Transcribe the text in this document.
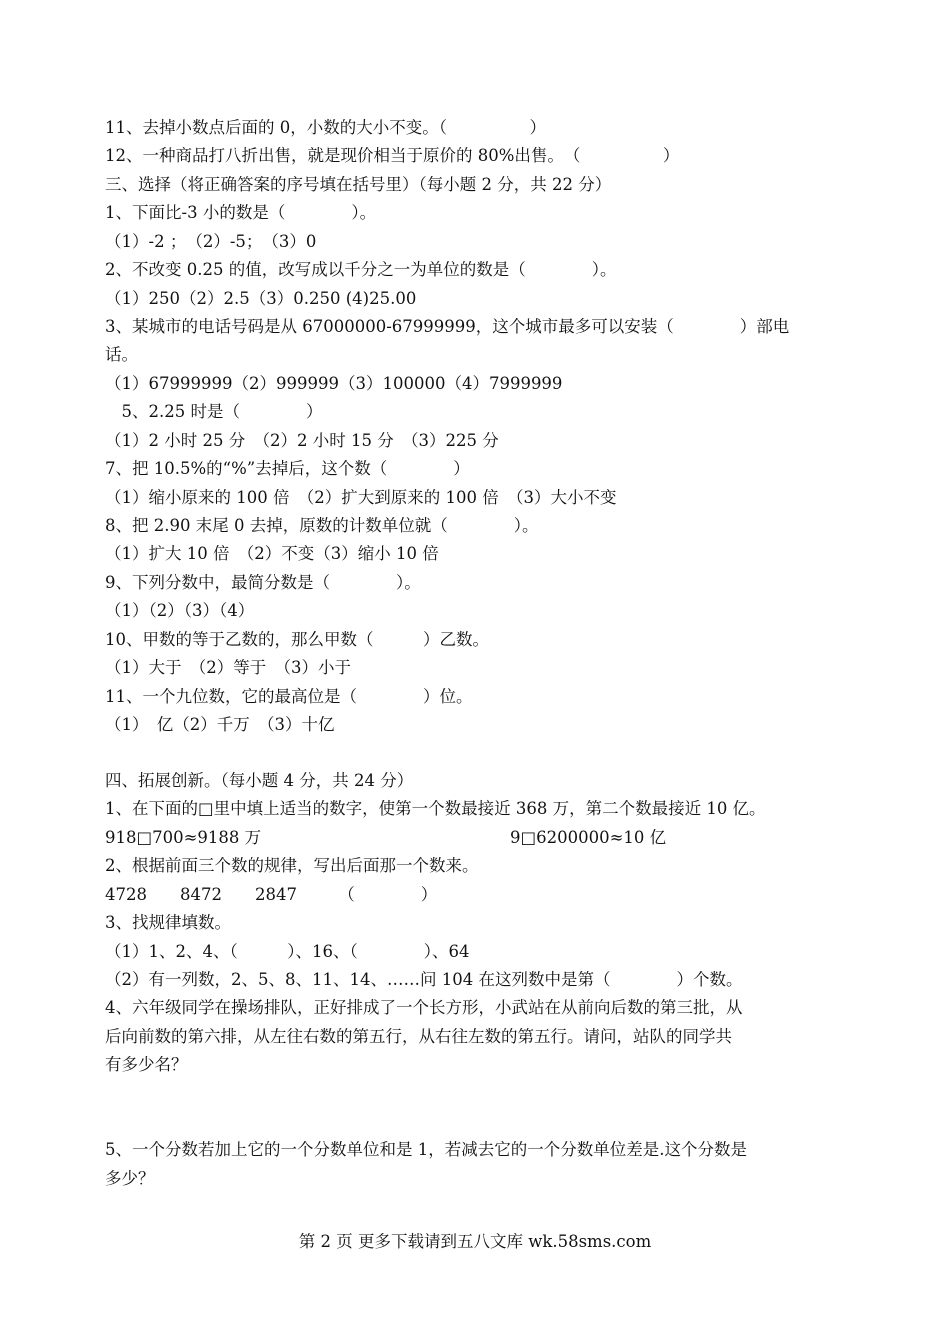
11、去掉小数点后面的 0，小数的大小不变。（　　　　　）
12、一种商品打八折出售，就是现价相当于原价的 80%出售。　（　　　　　）
三、选择（将正确答案的序号填在括号里）（每小题 2 分，共 22 分）
1、下面比-3 小的数是（　　　　）。
（1）-2 ；　（2）-5；　（3）0
2、不改变 0.25 的值，改写成以千分之一为单位的数是（　　　　）。
（1）250（2）2.5（3）0.250 (4)25.00
3、某城市的电话号码是从 67000000-67999999，这个城市最多可以安装（　　　　）部电
话。
（1）67999999（2）999999（3）100000（4）7999999
　5、2.25 时是（　　　　）
（1）2 小时 25 分　（2）2 小时 15 分　（3）225 分
7、把 10.5%的“%”去掉后，这个数（　　　　）
（1）缩小原来的 100 倍　（2）扩大到原来的 100 倍　（3）大小不变
8、把 2.90 末尾 0 去掉，原数的计数单位就（　　　　）。
（1）扩大 10 倍　（2）不变（3）缩小 10 倍
9、下列分数中，最简分数是（　　　　）。
（1）（2）（3）（4）
10、甲数的等于乙数的，那么甲数（　　　）乙数。
（1）大于　（2）等于　（3）小于
11、一个九位数，它的最高位是（　　　　）位。
（1）　亿（2）千万　（3）十亿
四、拓展创新。（每小题 4 分，共 24 分）
1、在下面的□里中填上适当的数字，使第一个数最接近 368 万，第二个数最接近 10 亿。
918□700≈9188 万	9□6200000≈10 亿
2、根据前面三个数的规律，写出后面那一个数来。
4728　　8472　　2847　　　（　　　　）
3、找规律填数。
（1）1、2、4、（　　　）、16、（　　　　）、64
（2）有一列数，2、5、8、11、14、……问 104 在这列数中是第（　　　　）个数。
4、六年级同学在操场排队，正好排成了一个长方形，小武站在从前向后数的第三批，从
后向前数的第六排，从左往右数的第五行，从右往左数的第五行。请问，站队的同学共
有多少名？
5、一个分数若加上它的一个分数单位和是 1，若减去它的一个分数单位差是.这个分数是
多少？
第 2 页 更多下载请到五八文库 wk.58sms.com
